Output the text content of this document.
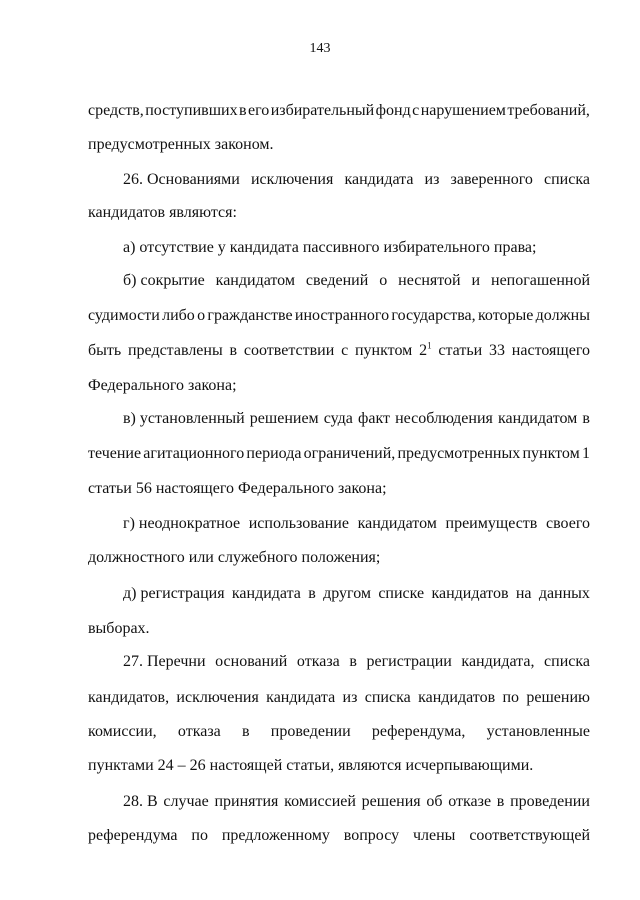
143
средств, поступивших в его избирательный фонд с нарушением требований,
предусмотренных законом.
26. Основаниями исключения кандидата из заверенного списка
кандидатов являются:
а) отсутствие у кандидата пассивного избирательного права;
б) сокрытие кандидатом сведений о неснятой и непогашенной
судимости либо о гражданстве иностранного государства, которые должны
быть представлены в соответствии с пунктом $2^1$ статьи 33 настоящего
Федерального закона;
в) установленный решением суда факт несоблюдения кандидатом в
течение агитационного периода ограничений, предусмотренных пунктом 1
статьи 56 настоящего Федерального закона;
г) неоднократное использование кандидатом преимуществ своего
должностного или служебного положения;
д) регистрация кандидата в другом списке кандидатов на данных
выборах.
27. Перечни оснований отказа в регистрации кандидата, списка
кандидатов, исключения кандидата из списка кандидатов по решению
комиссии, отказа в проведении референдума, установленные
пунктами 24 – 26 настоящей статьи, являются исчерпывающими.
28. В случае принятия комиссией решения об отказе в проведении
референдума по предложенному вопросу члены соответствующей
